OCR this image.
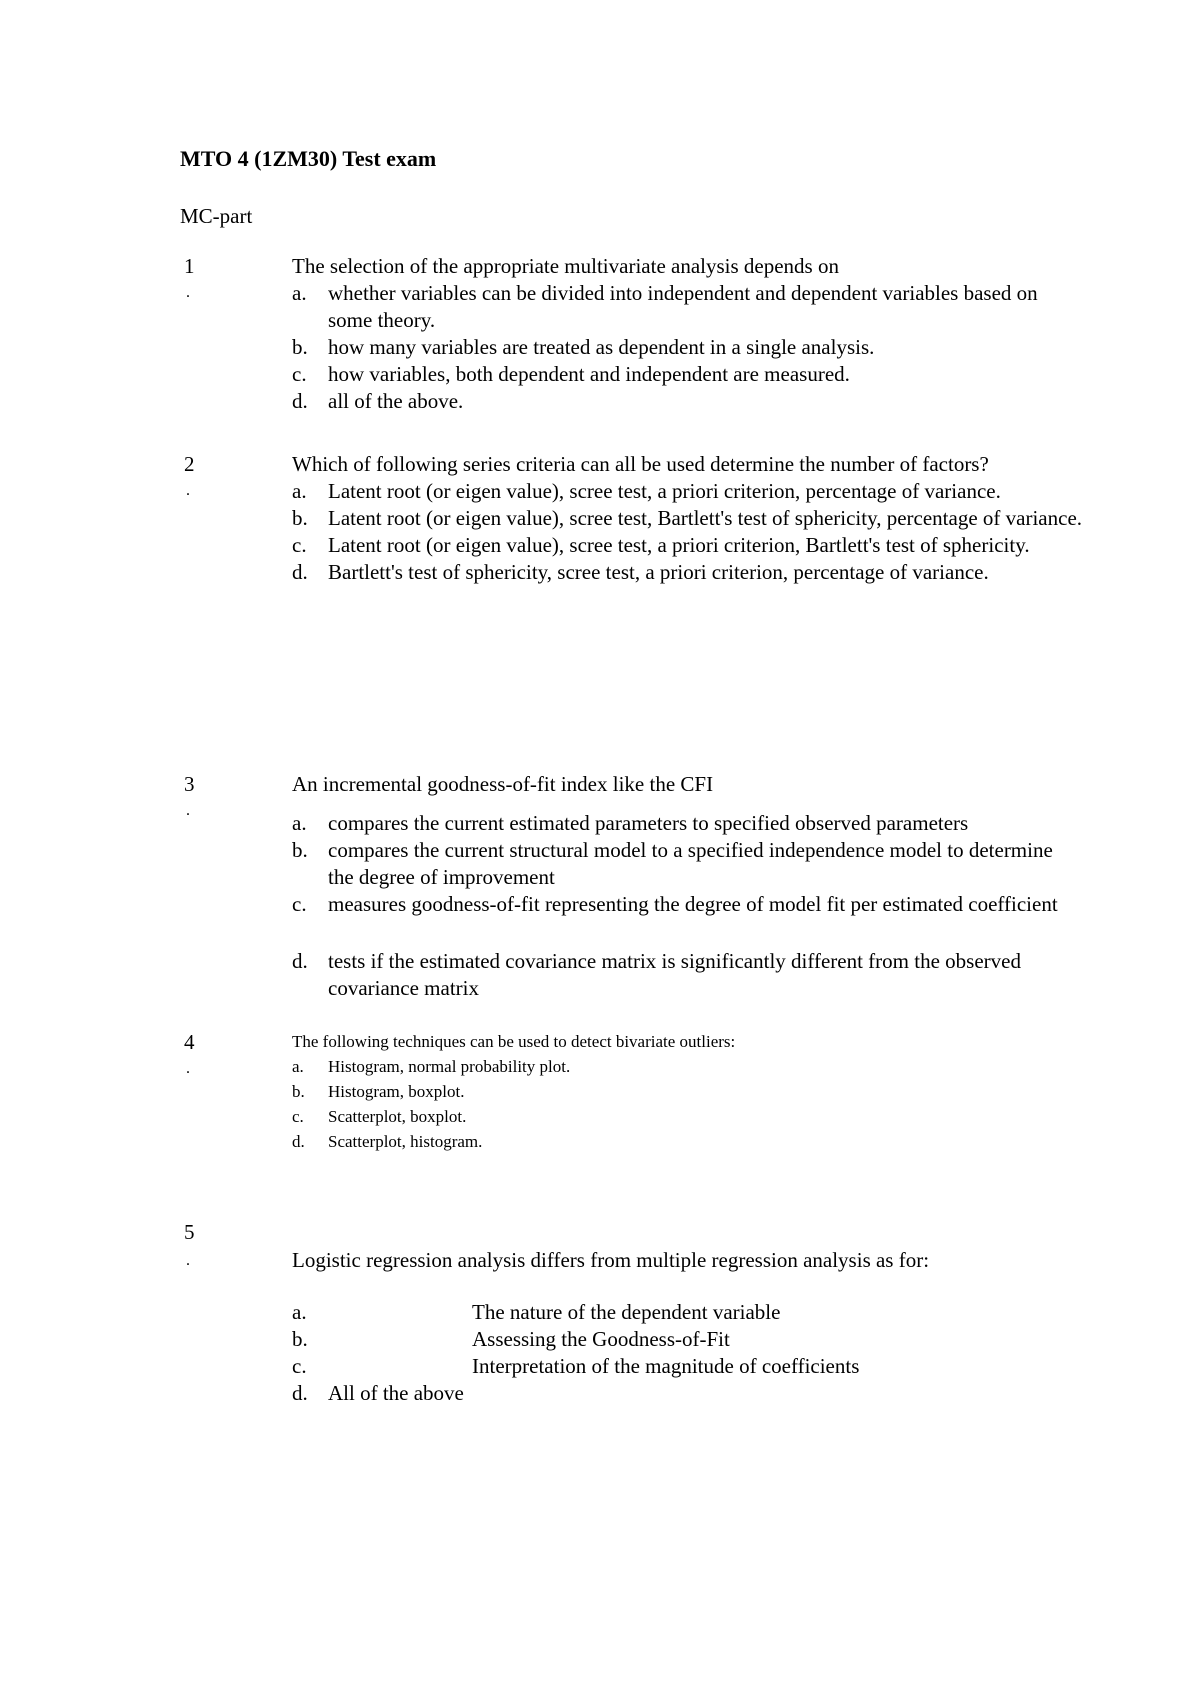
MTO 4 (1ZM30) Test exam

MC-part

1
.

The selection of the appropriate multivariate analysis depends on

a. whether variables can be divided into independent and dependent variables based on some theory.
b. how many variables are treated as dependent in a single analysis.
c. how variables, both dependent and independent are measured.
d. all of the above.
2
.

Which of following series criteria can all be used determine the number of factors?

a. Latent root (or eigen value), scree test, a priori criterion, percentage of variance.
b. Latent root (or eigen value), scree test, Bartlett's test of sphericity, percentage of variance.
c. Latent root (or eigen value), scree test, a priori criterion, Bartlett's test of sphericity.
d. Bartlett's test of sphericity, scree test, a priori criterion, percentage of variance.
3
.

An incremental goodness-of-fit index like the CFI

a. compares the current estimated parameters to specified observed parameters
b. compares the current structural model to a specified independence model to determine the degree of improvement
c. measures goodness-of-fit representing the degree of model fit per estimated coefficient
d. tests if the estimated covariance matrix is significantly different from the observed covariance matrix
4
.

The following techniques can be used to detect bivariate outliers:

a. Histogram, normal probability plot.
b. Histogram, boxplot.
c. Scatterplot, boxplot.
d. Scatterplot, histogram.
5
.	Logistic regression analysis differs from multiple regression analysis as for:

a.	The nature of the dependent variable
b.	Assessing the Goodness-of-Fit
c.	Interpretation of the magnitude of coefficients
d. All of the above
